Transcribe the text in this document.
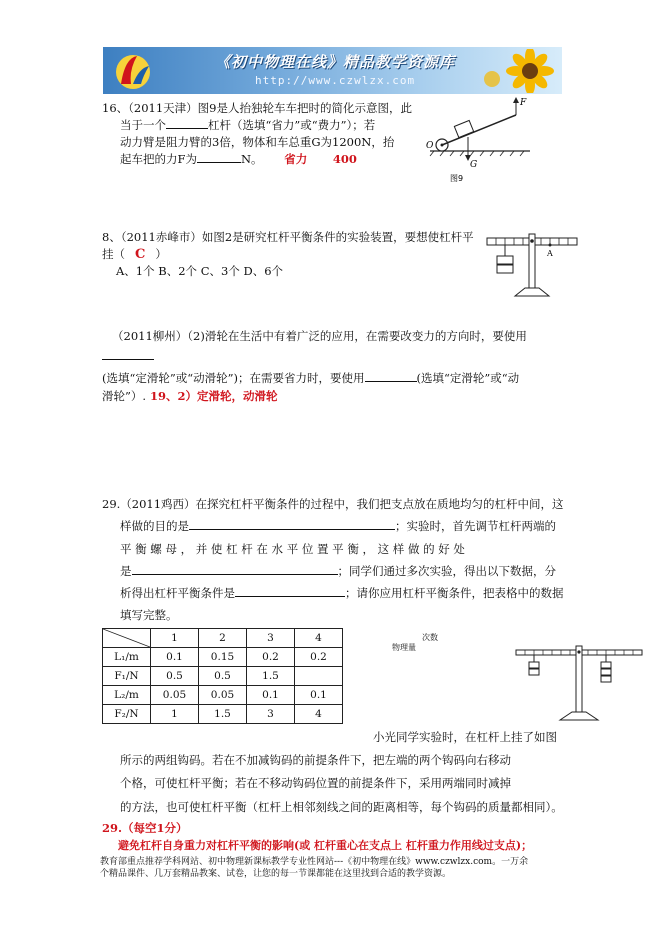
《初中物理在线》精品教学资源库
http://www.czwlzx.com
16、（2011天津）图9是人抬独轮车车把时的简化示意图，此
当于一个	杠杆（选填“省力”或“费力”）；若
动力臂是阻力臂的3倍，物体和车总重G为1200N，抬
起车把的力F为	N。 省力 400
O
F
G
图9
8、（2011赤峰市）如图2是研究杠杆平衡条件的实验装置，要想使杠杆平
挂（ C ）
A、1个 B、2个 C、3个 D、6个
A
（2011柳州）（2)滑轮在生活中有着广泛的应用，在需要改变力的方向时，要使用
(选填“定滑轮”或“动滑轮”)；在需要省力时，要使用	(选填“定滑轮”或“动
滑轮”）. 19、2）定滑轮，动滑轮
29.（2011鸡西）在探究杠杆平衡条件的过程中，我们把支点放在质地均匀的杠杆中间，这
样做的目的是	；实验时，首先调节杠杆两端的
平 衡 螺 母 ， 并 使 杠 杆 在 水 平 位 置 平 衡 ， 这 样 做 的 好 处
是	；同学们通过多次实验，得出以下数据，分
析得出杠杆平衡条件是	；请你应用杠杆平衡条件，把表格中的数据
填写完整。
	1	2	3	4
L₁/m	0.1	0.15	0.2	0.2
F₁/N	0.5	0.5	1.5	
L₂/m	0.05	0.05	0.1	0.1
F₂/N	1	1.5	3	4
次数
物理量
小光同学实验时，在杠杆上挂了如图
所示的两组钩码。若在不加减钩码的前提条件下，把左端的两个钩码向右移动
个格，可使杠杆平衡；若在不移动钩码位置的前提条件下，采用两端同时减掉
的方法，也可使杠杆平衡（杠杆上相邻刻线之间的距离相等，每个钩码的质量都相同）。
29.（每空1分）
避免杠杆自身重力对杠杆平衡的影响(或 杠杆重心在支点上 杠杆重力作用线过支点)；
教育部重点推荐学科网站、初中物理新课标教学专业性网站---《初中物理在线》www.czwlzx.com。一万余
个精品课件、几万套精品教案、试卷，让您的每一节课都能在这里找到合适的教学资源。
